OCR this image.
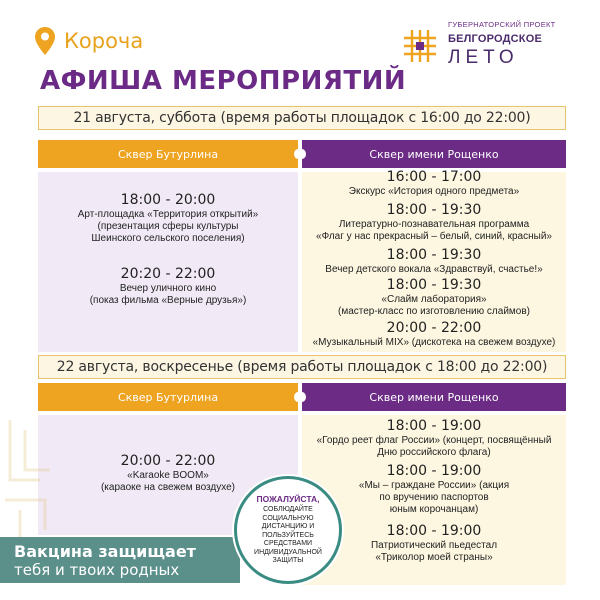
Короча
ГУБЕРНАТОРСКИЙ ПРОЕКТ
БЕЛГОРОДСКОЕ
ЛЕТО
АФИША МЕРОПРИЯТИЙ
21 августа, суббота (время работы площадок с 16:00 до 22:00)
Сквер Бутурлина	Сквер имени Рощенко
18:00 - 20:00
Арт-площадка «Территория открытий»
(презентация сферы культуры
Шеинского сельского поселения)
20:20 - 22:00
Вечер уличного кино
(показ фильма «Верные друзья»)
16:00 - 17:00
Экскурс «История одного предмета»
18:00 - 19:30
Литературно-познавательная программа
«Флаг у нас прекрасный – белый, синий, красный»
18:00 - 19:30
Вечер детского вокала «Здравствуй, счастье!»
18:00 - 19:30
«Слайм лаборатория»
(мастер-класс по изготовлению слаймов)
20:00 - 22:00
«Музыкальный MIX» (дискотека на свежем воздухе)
22 августа, воскресенье (время работы площадок с 18:00 до 22:00)
Сквер Бутурлина	Сквер имени Рощенко
20:00 - 22:00
«Karaoke BOOM»
(караоке на свежем воздухе)
18:00 - 19:00
«Гордо реет флаг России» (концерт, посвящённый
Дню российского флага)
18:00 - 19:00
«Мы – граждане России» (акция
по вручению паспортов
юным корочанцам)
18:00 - 19:00
Патриотический пьедестал
«Триколор моей страны»
Вакцина защищает
тебя и твоих родных
ПОЖАЛУЙСТА,
СОБЛЮДАЙТЕ СОЦИАЛЬНУЮ ДИСТАНЦИЮ И ПОЛЬЗУЙТЕСЬ СРЕДСТВАМИ ИНДИВИДУАЛЬНОЙ ЗАЩИТЫ
